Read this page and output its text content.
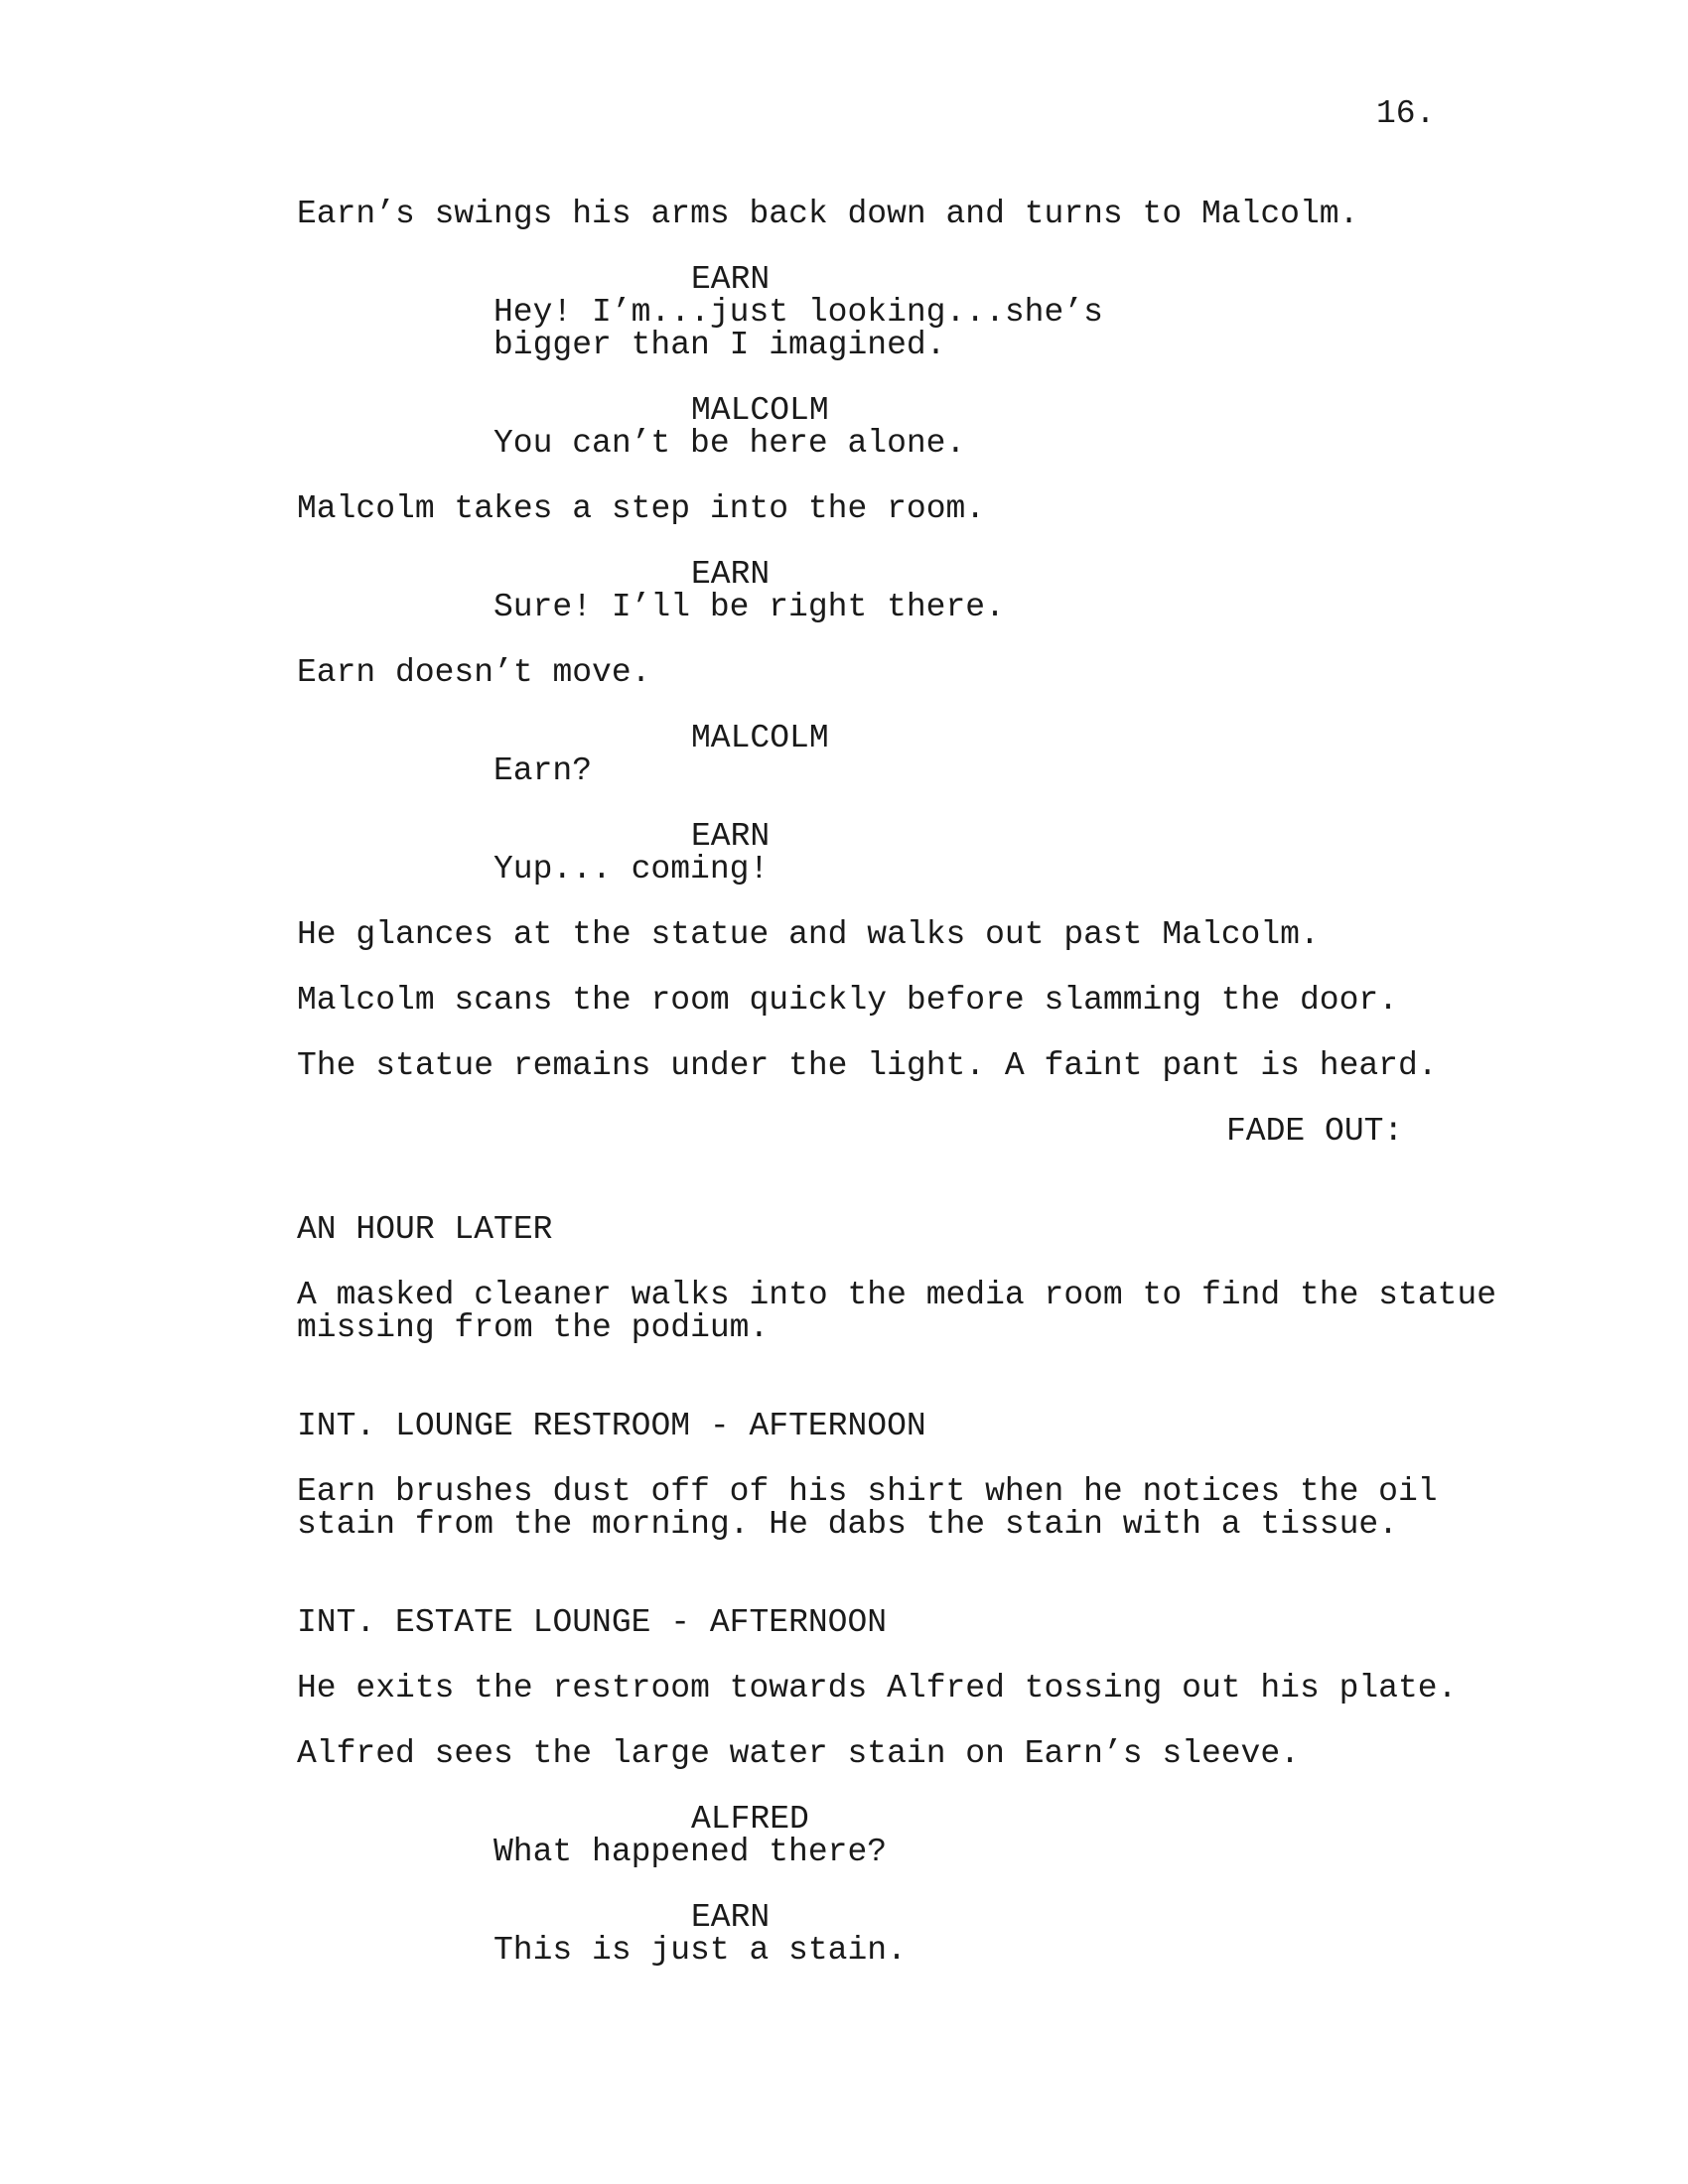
16.

Earn’s swings his arms back down and turns to Malcolm.

EARN

Hey! I’m...just looking...she’s

bigger than I imagined.

MALCOLM

You can’t be here alone.

Malcolm takes a step into the room.

EARN

Sure! I’ll be right there.

Earn doesn’t move.

MALCOLM

Earn?

EARN

Yup... coming!

He glances at the statue and walks out past Malcolm.

Malcolm scans the room quickly before slamming the door.

The statue remains under the light. A faint pant is heard.

FADE OUT:

AN HOUR LATER

A masked cleaner walks into the media room to find the statue

missing from the podium.

INT. LOUNGE RESTROOM - AFTERNOON

Earn brushes dust off of his shirt when he notices the oil

stain from the morning. He dabs the stain with a tissue.

INT. ESTATE LOUNGE - AFTERNOON

He exits the restroom towards Alfred tossing out his plate.

Alfred sees the large water stain on Earn’s sleeve.

ALFRED

What happened there?

EARN

This is just a stain.
